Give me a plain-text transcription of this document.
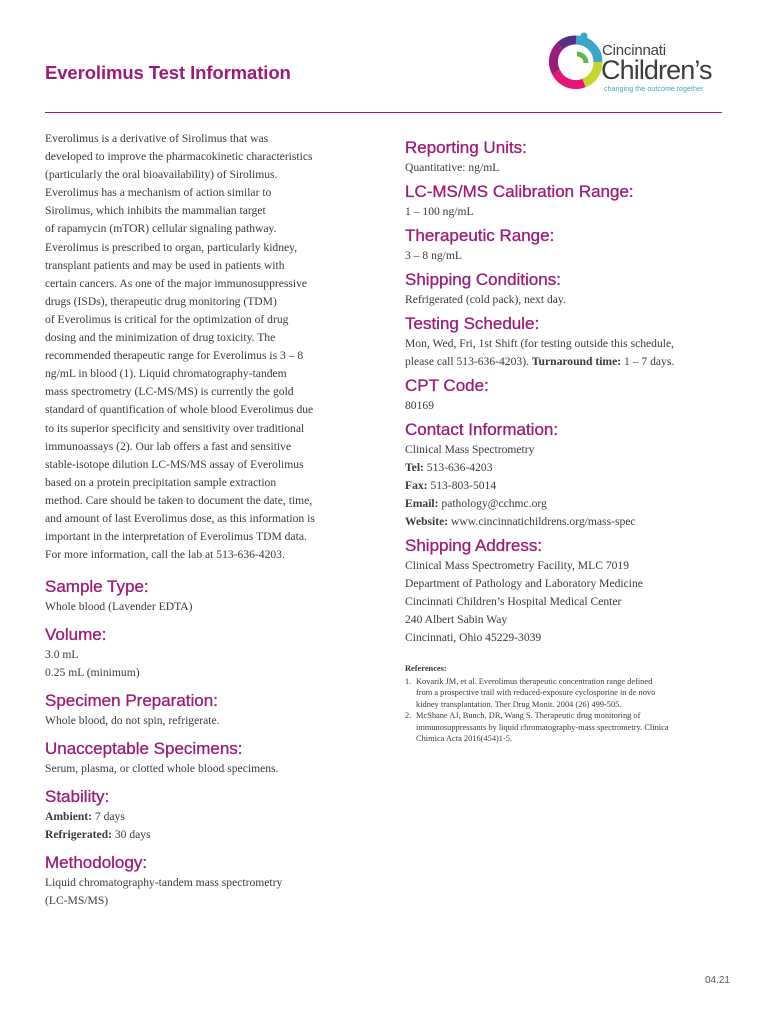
Everolimus Test Information
Cincinnati
Children’s
changing the outcome together

Everolimus is a derivative of Sirolimus that was
developed to improve the pharmacokinetic characteristics
(particularly the oral bioavailability) of Sirolimus.
Everolimus has a mechanism of action similar to
Sirolimus, which inhibits the mammalian target
of rapamycin (mTOR) cellular signaling pathway.
Everolimus is prescribed to organ, particularly kidney,
transplant patients and may be used in patients with
certain cancers. As one of the major immunosuppressive
drugs (ISDs), therapeutic drug monitoring (TDM)
of Everolimus is critical for the optimization of drug
dosing and the minimization of drug toxicity. The
recommended therapeutic range for Everolimus is 3 – 8
ng/mL in blood (1). Liquid chromatography-tandem
mass spectrometry (LC-MS/MS) is currently the gold
standard of quantification of whole blood Everolimus due
to its superior specificity and sensitivity over traditional
immunoassays (2). Our lab offers a fast and sensitive
stable-isotope dilution LC-MS/MS assay of Everolimus
based on a protein precipitation sample extraction
method. Care should be taken to document the date, time,
and amount of last Everolimus dose, as this information is
important in the interpretation of Everolimus TDM data.
For more information, call the lab at 513-636-4203.

Sample Type:

Whole blood (Lavender EDTA)

Volume:

3.0 mL

0.25 mL (minimum)

Specimen Preparation:

Whole blood, do not spin, refrigerate.

Unacceptable Specimens:

Serum, plasma, or clotted whole blood specimens.

Stability:

Ambient: 7 days

Refrigerated: 30 days

Methodology:

Liquid chromatography-tandem mass spectrometry

(LC-MS/MS)

Reporting Units:

Quantitative: ng/mL

LC-MS/MS Calibration Range:

1 – 100 ng/mL

Therapeutic Range:

3 – 8 ng/mL

Shipping Conditions:

Refrigerated (cold pack), next day.

Testing Schedule:

Mon, Wed, Fri, 1st Shift (for testing outside this schedule,

please call 513-636-4203). Turnaround time: 1 – 7 days.

CPT Code:

80169

Contact Information:

Clinical Mass Spectrometry

Tel: 513-636-4203

Fax: 513-803-5014

Email: pathology@cchmc.org

Website: www.cincinnatichildrens.org/mass-spec

Shipping Address:

Clinical Mass Spectrometry Facility, MLC 7019

Department of Pathology and Laboratory Medicine

Cincinnati Children’s Hospital Medical Center

240 Albert Sabin Way

Cincinnati, Ohio 45229-3039

References:
1. Kovarik JM, et al. Everolimus therapeutic concentration range defined
from a prospective trail with reduced-exposure cyclosporine in de novo
kidney transplantation. Ther Drug Monit. 2004 (26) 499-505.
2. McShane AJ, Bunch, DR, Wang S. Therapeutic drug monitoring of
immunosuppressants by liquid chromatography-mass spectrometry. Clinica
Chimica Acta 2016(454)1-5.
04.21
